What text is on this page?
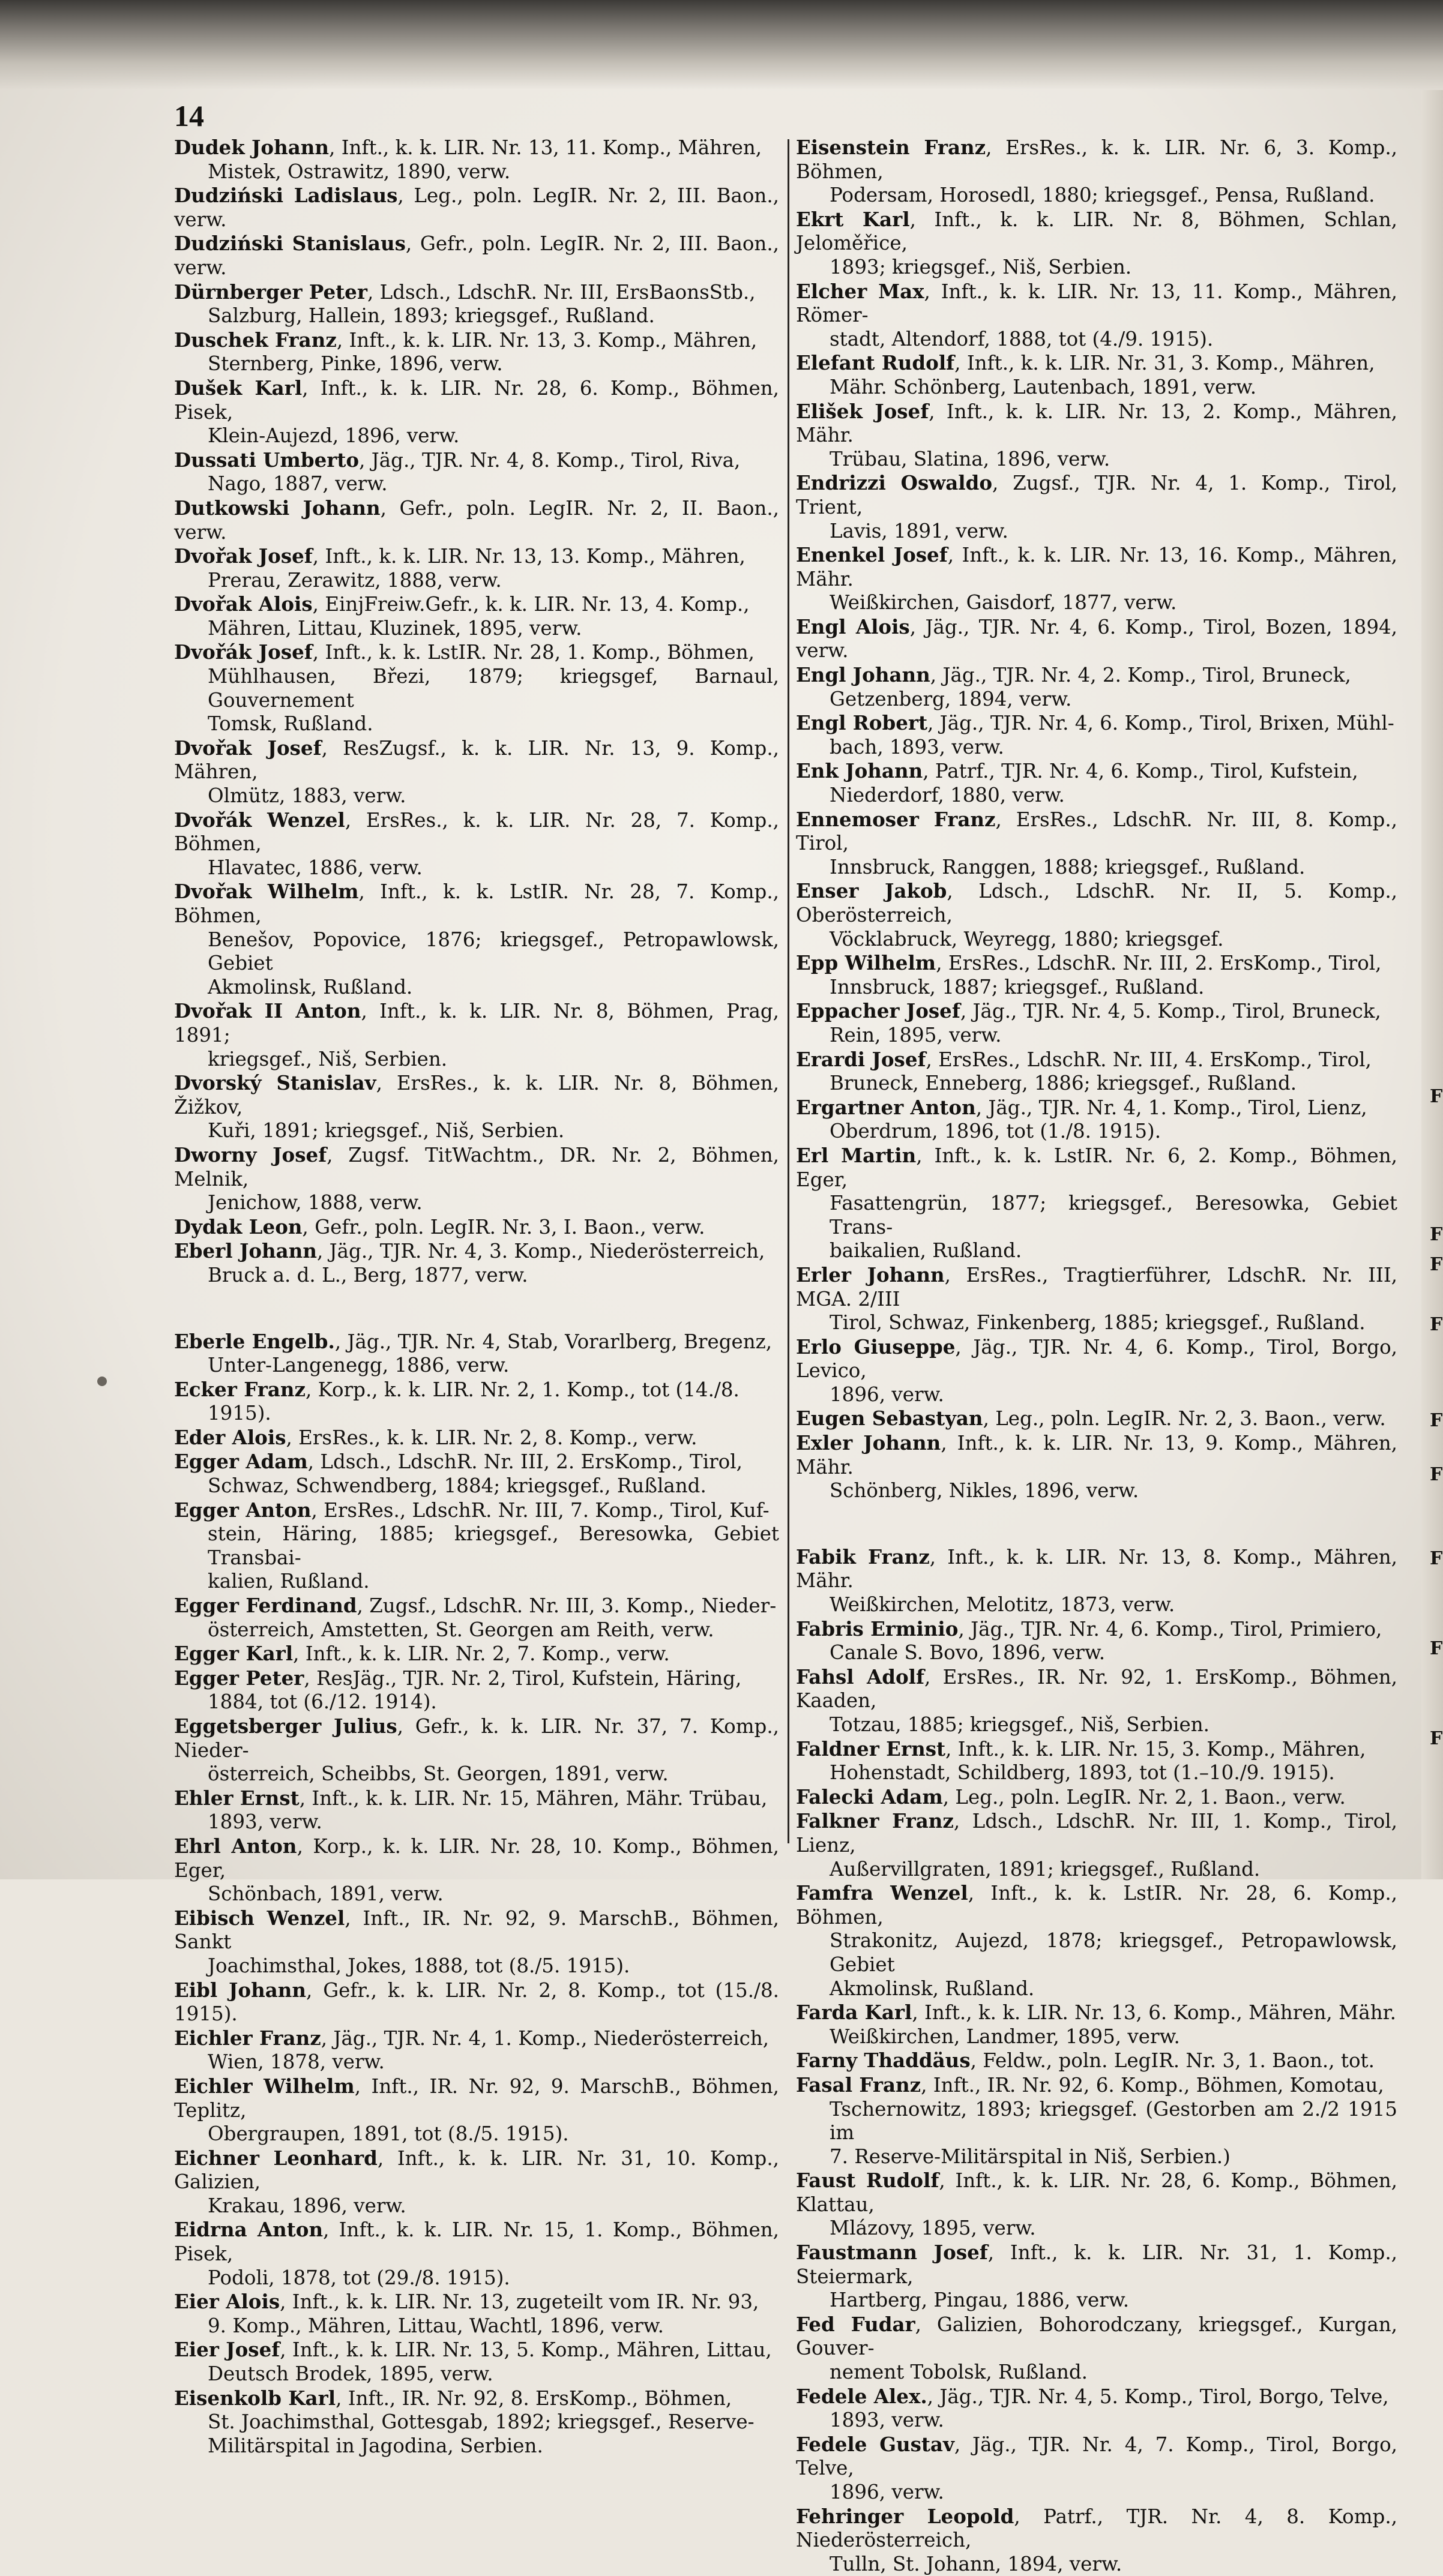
14
Dudek Johann, Inft., k. k. LIR. Nr. 13, 11. Komp., Mähren,
Mistek, Ostrawitz, 1890, verw.
Dudziński Ladislaus, Leg., poln. LegIR. Nr. 2, III. Baon., verw.
Dudziński Stanislaus, Gefr., poln. LegIR. Nr. 2, III. Baon., verw.
Dürnberger Peter, Ldsch., LdschR. Nr. III, ErsBaonsStb.,
Salzburg, Hallein, 1893; kriegsgef., Rußland.
Duschek Franz, Inft., k. k. LIR. Nr. 13, 3. Komp., Mähren,
Sternberg, Pinke, 1896, verw.
Dušek Karl, Inft., k. k. LIR. Nr. 28, 6. Komp., Böhmen, Pisek,
Klein-Aujezd, 1896, verw.
Dussati Umberto, Jäg., TJR. Nr. 4, 8. Komp., Tirol, Riva,
Nago, 1887, verw.
Dutkowski Johann, Gefr., poln. LegIR. Nr. 2, II. Baon., verw.
Dvořak Josef, Inft., k. k. LIR. Nr. 13, 13. Komp., Mähren,
Prerau, Zerawitz, 1888, verw.
Dvořak Alois, EinjFreiw.Gefr., k. k. LIR. Nr. 13, 4. Komp.,
Mähren, Littau, Kluzinek, 1895, verw.
Dvořák Josef, Inft., k. k. LstIR. Nr. 28, 1. Komp., Böhmen,
Mühlhausen, Březi, 1879; kriegsgef, Barnaul, Gouvernement
Tomsk, Rußland.
Dvořak Josef, ResZugsf., k. k. LIR. Nr. 13, 9. Komp., Mähren,
Olmütz, 1883, verw.
Dvořák Wenzel, ErsRes., k. k. LIR. Nr. 28, 7. Komp., Böhmen,
Hlavatec, 1886, verw.
Dvořak Wilhelm, Inft., k. k. LstIR. Nr. 28, 7. Komp., Böhmen,
Benešov, Popovice, 1876; kriegsgef., Petropawlowsk, Gebiet
Akmolinsk, Rußland.
Dvořak II Anton, Inft., k. k. LIR. Nr. 8, Böhmen, Prag, 1891;
kriegsgef., Niš, Serbien.
Dvorský Stanislav, ErsRes., k. k. LIR. Nr. 8, Böhmen, Žižkov,
Kuři, 1891; kriegsgef., Niš, Serbien.
Dworny Josef, Zugsf. TitWachtm., DR. Nr. 2, Böhmen, Melnik,
Jenichow, 1888, verw.
Dydak Leon, Gefr., poln. LegIR. Nr. 3, I. Baon., verw.
Eberl Johann, Jäg., TJR. Nr. 4, 3. Komp., Niederösterreich,
Bruck a. d. L., Berg, 1877, verw.
Eberle Engelb., Jäg., TJR. Nr. 4, Stab, Vorarlberg, Bregenz,
Unter-Langenegg, 1886, verw.
Ecker Franz, Korp., k. k. LIR. Nr. 2, 1. Komp., tot (14./8.
1915).
Eder Alois, ErsRes., k. k. LIR. Nr. 2, 8. Komp., verw.
Egger Adam, Ldsch., LdschR. Nr. III, 2. ErsKomp., Tirol,
Schwaz, Schwendberg, 1884; kriegsgef., Rußland.
Egger Anton, ErsRes., LdschR. Nr. III, 7. Komp., Tirol, Kuf-
stein, Häring, 1885; kriegsgef., Beresowka, Gebiet Transbai-
kalien, Rußland.
Egger Ferdinand, Zugsf., LdschR. Nr. III, 3. Komp., Nieder-
österreich, Amstetten, St. Georgen am Reith, verw.
Egger Karl, Inft., k. k. LIR. Nr. 2, 7. Komp., verw.
Egger Peter, ResJäg., TJR. Nr. 2, Tirol, Kufstein, Häring,
1884, tot (6./12. 1914).
Eggetsberger Julius, Gefr., k. k. LIR. Nr. 37, 7. Komp., Nieder-
österreich, Scheibbs, St. Georgen, 1891, verw.
Ehler Ernst, Inft., k. k. LIR. Nr. 15, Mähren, Mähr. Trübau,
1893, verw.
Ehrl Anton, Korp., k. k. LIR. Nr. 28, 10. Komp., Böhmen, Eger,
Schönbach, 1891, verw.
Eibisch Wenzel, Inft., IR. Nr. 92, 9. MarschB., Böhmen, Sankt
Joachimsthal, Jokes, 1888, tot (8./5. 1915).
Eibl Johann, Gefr., k. k. LIR. Nr. 2, 8. Komp., tot (15./8. 1915).
Eichler Franz, Jäg., TJR. Nr. 4, 1. Komp., Niederösterreich,
Wien, 1878, verw.
Eichler Wilhelm, Inft., IR. Nr. 92, 9. MarschB., Böhmen, Teplitz,
Obergraupen, 1891, tot (8./5. 1915).
Eichner Leonhard, Inft., k. k. LIR. Nr. 31, 10. Komp., Galizien,
Krakau, 1896, verw.
Eidrna Anton, Inft., k. k. LIR. Nr. 15, 1. Komp., Böhmen, Pisek,
Podoli, 1878, tot (29./8. 1915).
Eier Alois, Inft., k. k. LIR. Nr. 13, zugeteilt vom IR. Nr. 93,
9. Komp., Mähren, Littau, Wachtl, 1896, verw.
Eier Josef, Inft., k. k. LIR. Nr. 13, 5. Komp., Mähren, Littau,
Deutsch Brodek, 1895, verw.
Eisenkolb Karl, Inft., IR. Nr. 92, 8. ErsKomp., Böhmen,
St. Joachimsthal, Gottesgab, 1892; kriegsgef., Reserve-
Militärspital in Jagodina, Serbien.
Eisenstein Franz, ErsRes., k. k. LIR. Nr. 6, 3. Komp., Böhmen,
Podersam, Horosedl, 1880; kriegsgef., Pensa, Rußland.
Ekrt Karl, Inft., k. k. LIR. Nr. 8, Böhmen, Schlan, Jeloměřice,
1893; kriegsgef., Niš, Serbien.
Elcher Max, Inft., k. k. LIR. Nr. 13, 11. Komp., Mähren, Römer-
stadt, Altendorf, 1888, tot (4./9. 1915).
Elefant Rudolf, Inft., k. k. LIR. Nr. 31, 3. Komp., Mähren,
Mähr. Schönberg, Lautenbach, 1891, verw.
Elišek Josef, Inft., k. k. LIR. Nr. 13, 2. Komp., Mähren, Mähr.
Trübau, Slatina, 1896, verw.
Endrizzi Oswaldo, Zugsf., TJR. Nr. 4, 1. Komp., Tirol, Trient,
Lavis, 1891, verw.
Enenkel Josef, Inft., k. k. LIR. Nr. 13, 16. Komp., Mähren, Mähr.
Weißkirchen, Gaisdorf, 1877, verw.
Engl Alois, Jäg., TJR. Nr. 4, 6. Komp., Tirol, Bozen, 1894, verw.
Engl Johann, Jäg., TJR. Nr. 4, 2. Komp., Tirol, Bruneck,
Getzenberg, 1894, verw.
Engl Robert, Jäg., TJR. Nr. 4, 6. Komp., Tirol, Brixen, Mühl-
bach, 1893, verw.
Enk Johann, Patrf., TJR. Nr. 4, 6. Komp., Tirol, Kufstein,
Niederdorf, 1880, verw.
Ennemoser Franz, ErsRes., LdschR. Nr. III, 8. Komp., Tirol,
Innsbruck, Ranggen, 1888; kriegsgef., Rußland.
Enser Jakob, Ldsch., LdschR. Nr. II, 5. Komp., Oberösterreich,
Vöcklabruck, Weyregg, 1880; kriegsgef.
Epp Wilhelm, ErsRes., LdschR. Nr. III, 2. ErsKomp., Tirol,
Innsbruck, 1887; kriegsgef., Rußland.
Eppacher Josef, Jäg., TJR. Nr. 4, 5. Komp., Tirol, Bruneck,
Rein, 1895, verw.
Erardi Josef, ErsRes., LdschR. Nr. III, 4. ErsKomp., Tirol,
Bruneck, Enneberg, 1886; kriegsgef., Rußland.
Ergartner Anton, Jäg., TJR. Nr. 4, 1. Komp., Tirol, Lienz,
Oberdrum, 1896, tot (1./8. 1915).
Erl Martin, Inft., k. k. LstIR. Nr. 6, 2. Komp., Böhmen, Eger,
Fasattengrün, 1877; kriegsgef., Beresowka, Gebiet Trans-
baikalien, Rußland.
Erler Johann, ErsRes., Tragtierführer, LdschR. Nr. III, MGA. 2/III
Tirol, Schwaz, Finkenberg, 1885; kriegsgef., Rußland.
Erlo Giuseppe, Jäg., TJR. Nr. 4, 6. Komp., Tirol, Borgo, Levico,
1896, verw.
Eugen Sebastyan, Leg., poln. LegIR. Nr. 2, 3. Baon., verw.
Exler Johann, Inft., k. k. LIR. Nr. 13, 9. Komp., Mähren, Mähr.
Schönberg, Nikles, 1896, verw.
Fabik Franz, Inft., k. k. LIR. Nr. 13, 8. Komp., Mähren, Mähr.
Weißkirchen, Melotitz, 1873, verw.
Fabris Erminio, Jäg., TJR. Nr. 4, 6. Komp., Tirol, Primiero,
Canale S. Bovo, 1896, verw.
Fahsl Adolf, ErsRes., IR. Nr. 92, 1. ErsKomp., Böhmen, Kaaden,
Totzau, 1885; kriegsgef., Niš, Serbien.
Faldner Ernst, Inft., k. k. LIR. Nr. 15, 3. Komp., Mähren,
Hohenstadt, Schildberg, 1893, tot (1.–10./9. 1915).
Falecki Adam, Leg., poln. LegIR. Nr. 2, 1. Baon., verw.
Falkner Franz, Ldsch., LdschR. Nr. III, 1. Komp., Tirol, Lienz,
Außervillgraten, 1891; kriegsgef., Rußland.
Famfra Wenzel, Inft., k. k. LstIR. Nr. 28, 6. Komp., Böhmen,
Strakonitz, Aujezd, 1878; kriegsgef., Petropawlowsk, Gebiet
Akmolinsk, Rußland.
Farda Karl, Inft., k. k. LIR. Nr. 13, 6. Komp., Mähren, Mähr.
Weißkirchen, Landmer, 1895, verw.
Farny Thaddäus, Feldw., poln. LegIR. Nr. 3, 1. Baon., tot.
Fasal Franz, Inft., IR. Nr. 92, 6. Komp., Böhmen, Komotau,
Tschernowitz, 1893; kriegsgef. (Gestorben am 2./2 1915 im
7. Reserve-Militärspital in Niš, Serbien.)
Faust Rudolf, Inft., k. k. LIR. Nr. 28, 6. Komp., Böhmen, Klattau,
Mlázovy, 1895, verw.
Faustmann Josef, Inft., k. k. LIR. Nr. 31, 1. Komp., Steiermark,
Hartberg, Pingau, 1886, verw.
Fed Fudar, Galizien, Bohorodczany, kriegsgef., Kurgan, Gouver-
nement Tobolsk, Rußland.
Fedele Alex., Jäg., TJR. Nr. 4, 5. Komp., Tirol, Borgo, Telve,
1893, verw.
Fedele Gustav, Jäg., TJR. Nr. 4, 7. Komp., Tirol, Borgo, Telve,
1896, verw.
Fehringer Leopold, Patrf., TJR. Nr. 4, 8. Komp., Niederösterreich,
Tulln, St. Johann, 1894, verw.
F
F
F
F
F
F
F
F
F
